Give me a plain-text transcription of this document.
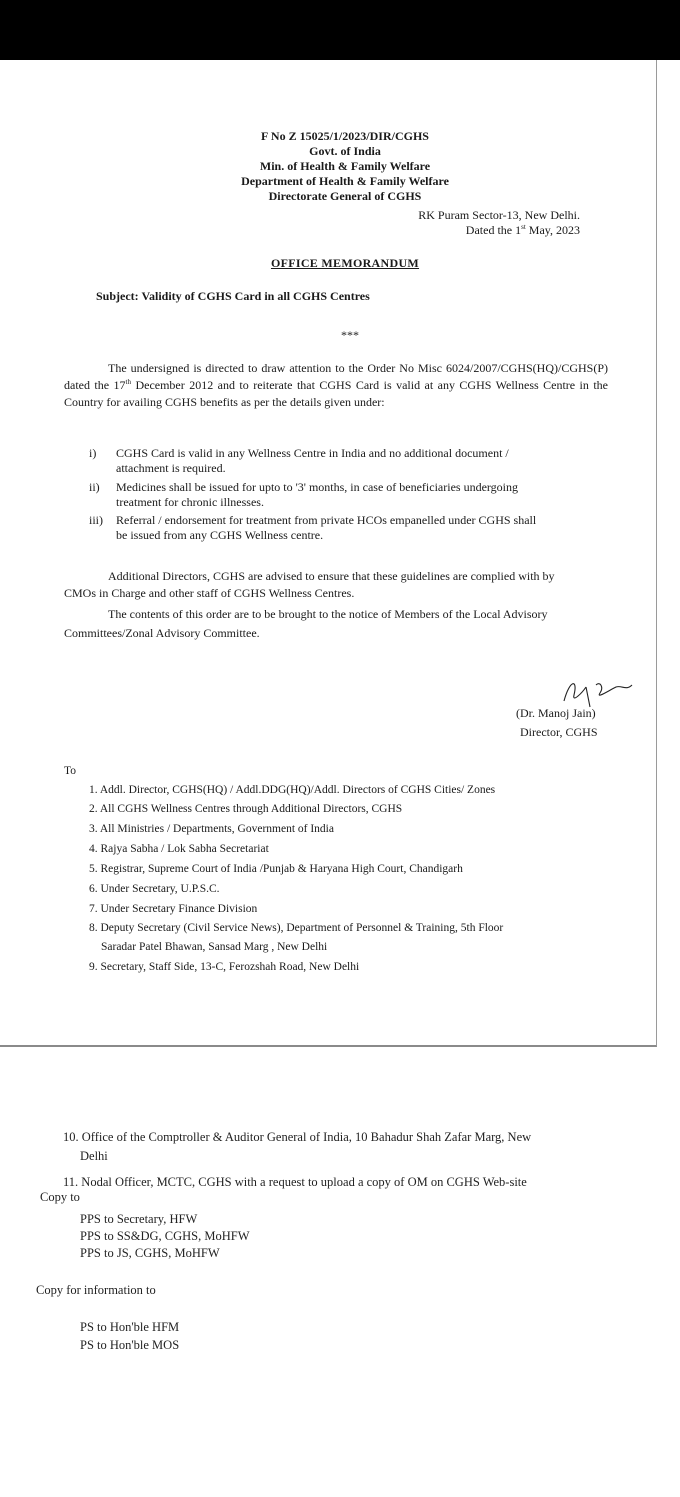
F No Z 15025/1/2023/DIR/CGHS
Govt. of India
Min. of Health & Family Welfare
Department of Health & Family Welfare
Directorate General of CGHS
RK Puram Sector-13, New Delhi.
Dated the 1st May, 2023
OFFICE MEMORANDUM
Subject: Validity of CGHS Card in all CGHS Centres
***
The undersigned is directed to draw attention to the Order No Misc 6024/2007/CGHS(HQ)/CGHS(P) dated the 17th December 2012 and to reiterate that CGHS Card is valid at any CGHS Wellness Centre in the Country for availing CGHS benefits as per the details given under:
i) CGHS Card is valid in any Wellness Centre in India and no additional document /
attachment is required.
ii) Medicines shall be issued for upto to '3' months, in case of beneficiaries undergoing
treatment for chronic illnesses.
iii) Referral / endorsement for treatment from private HCOs empanelled under CGHS shall
be issued from any CGHS Wellness centre.
Additional Directors, CGHS are advised to ensure that these guidelines are complied with by
CMOs in Charge and other staff of CGHS Wellness Centres.
The contents of this order are to be brought to the notice of Members of the Local Advisory
Committees/Zonal Advisory Committee.
(Dr. Manoj Jain)
Director, CGHS
To
1. Addl. Director, CGHS(HQ) / Addl.DDG(HQ)/Addl. Directors of CGHS Cities/ Zones
2. All CGHS Wellness Centres through Additional Directors, CGHS
3. All Ministries / Departments, Government of India
4. Rajya Sabha / Lok Sabha Secretariat
5. Registrar, Supreme Court of India /Punjab & Haryana High Court, Chandigarh
6. Under Secretary, U.P.S.C.
7. Under Secretary Finance Division
8. Deputy Secretary (Civil Service News), Department of Personnel & Training, 5th Floor
Saradar Patel Bhawan, Sansad Marg , New Delhi
9. Secretary, Staff Side, 13-C, Ferozshah Road, New Delhi
10. Office of the Comptroller & Auditor General of India, 10 Bahadur Shah Zafar Marg, New
Delhi
11. Nodal Officer, MCTC, CGHS with a request to upload a copy of OM on CGHS Web-site
Copy to
PPS to Secretary, HFW
PPS to SS&DG, CGHS, MoHFW
PPS to JS, CGHS, MoHFW
Copy for information to
PS to Hon'ble HFM
PS to Hon'ble MOS
